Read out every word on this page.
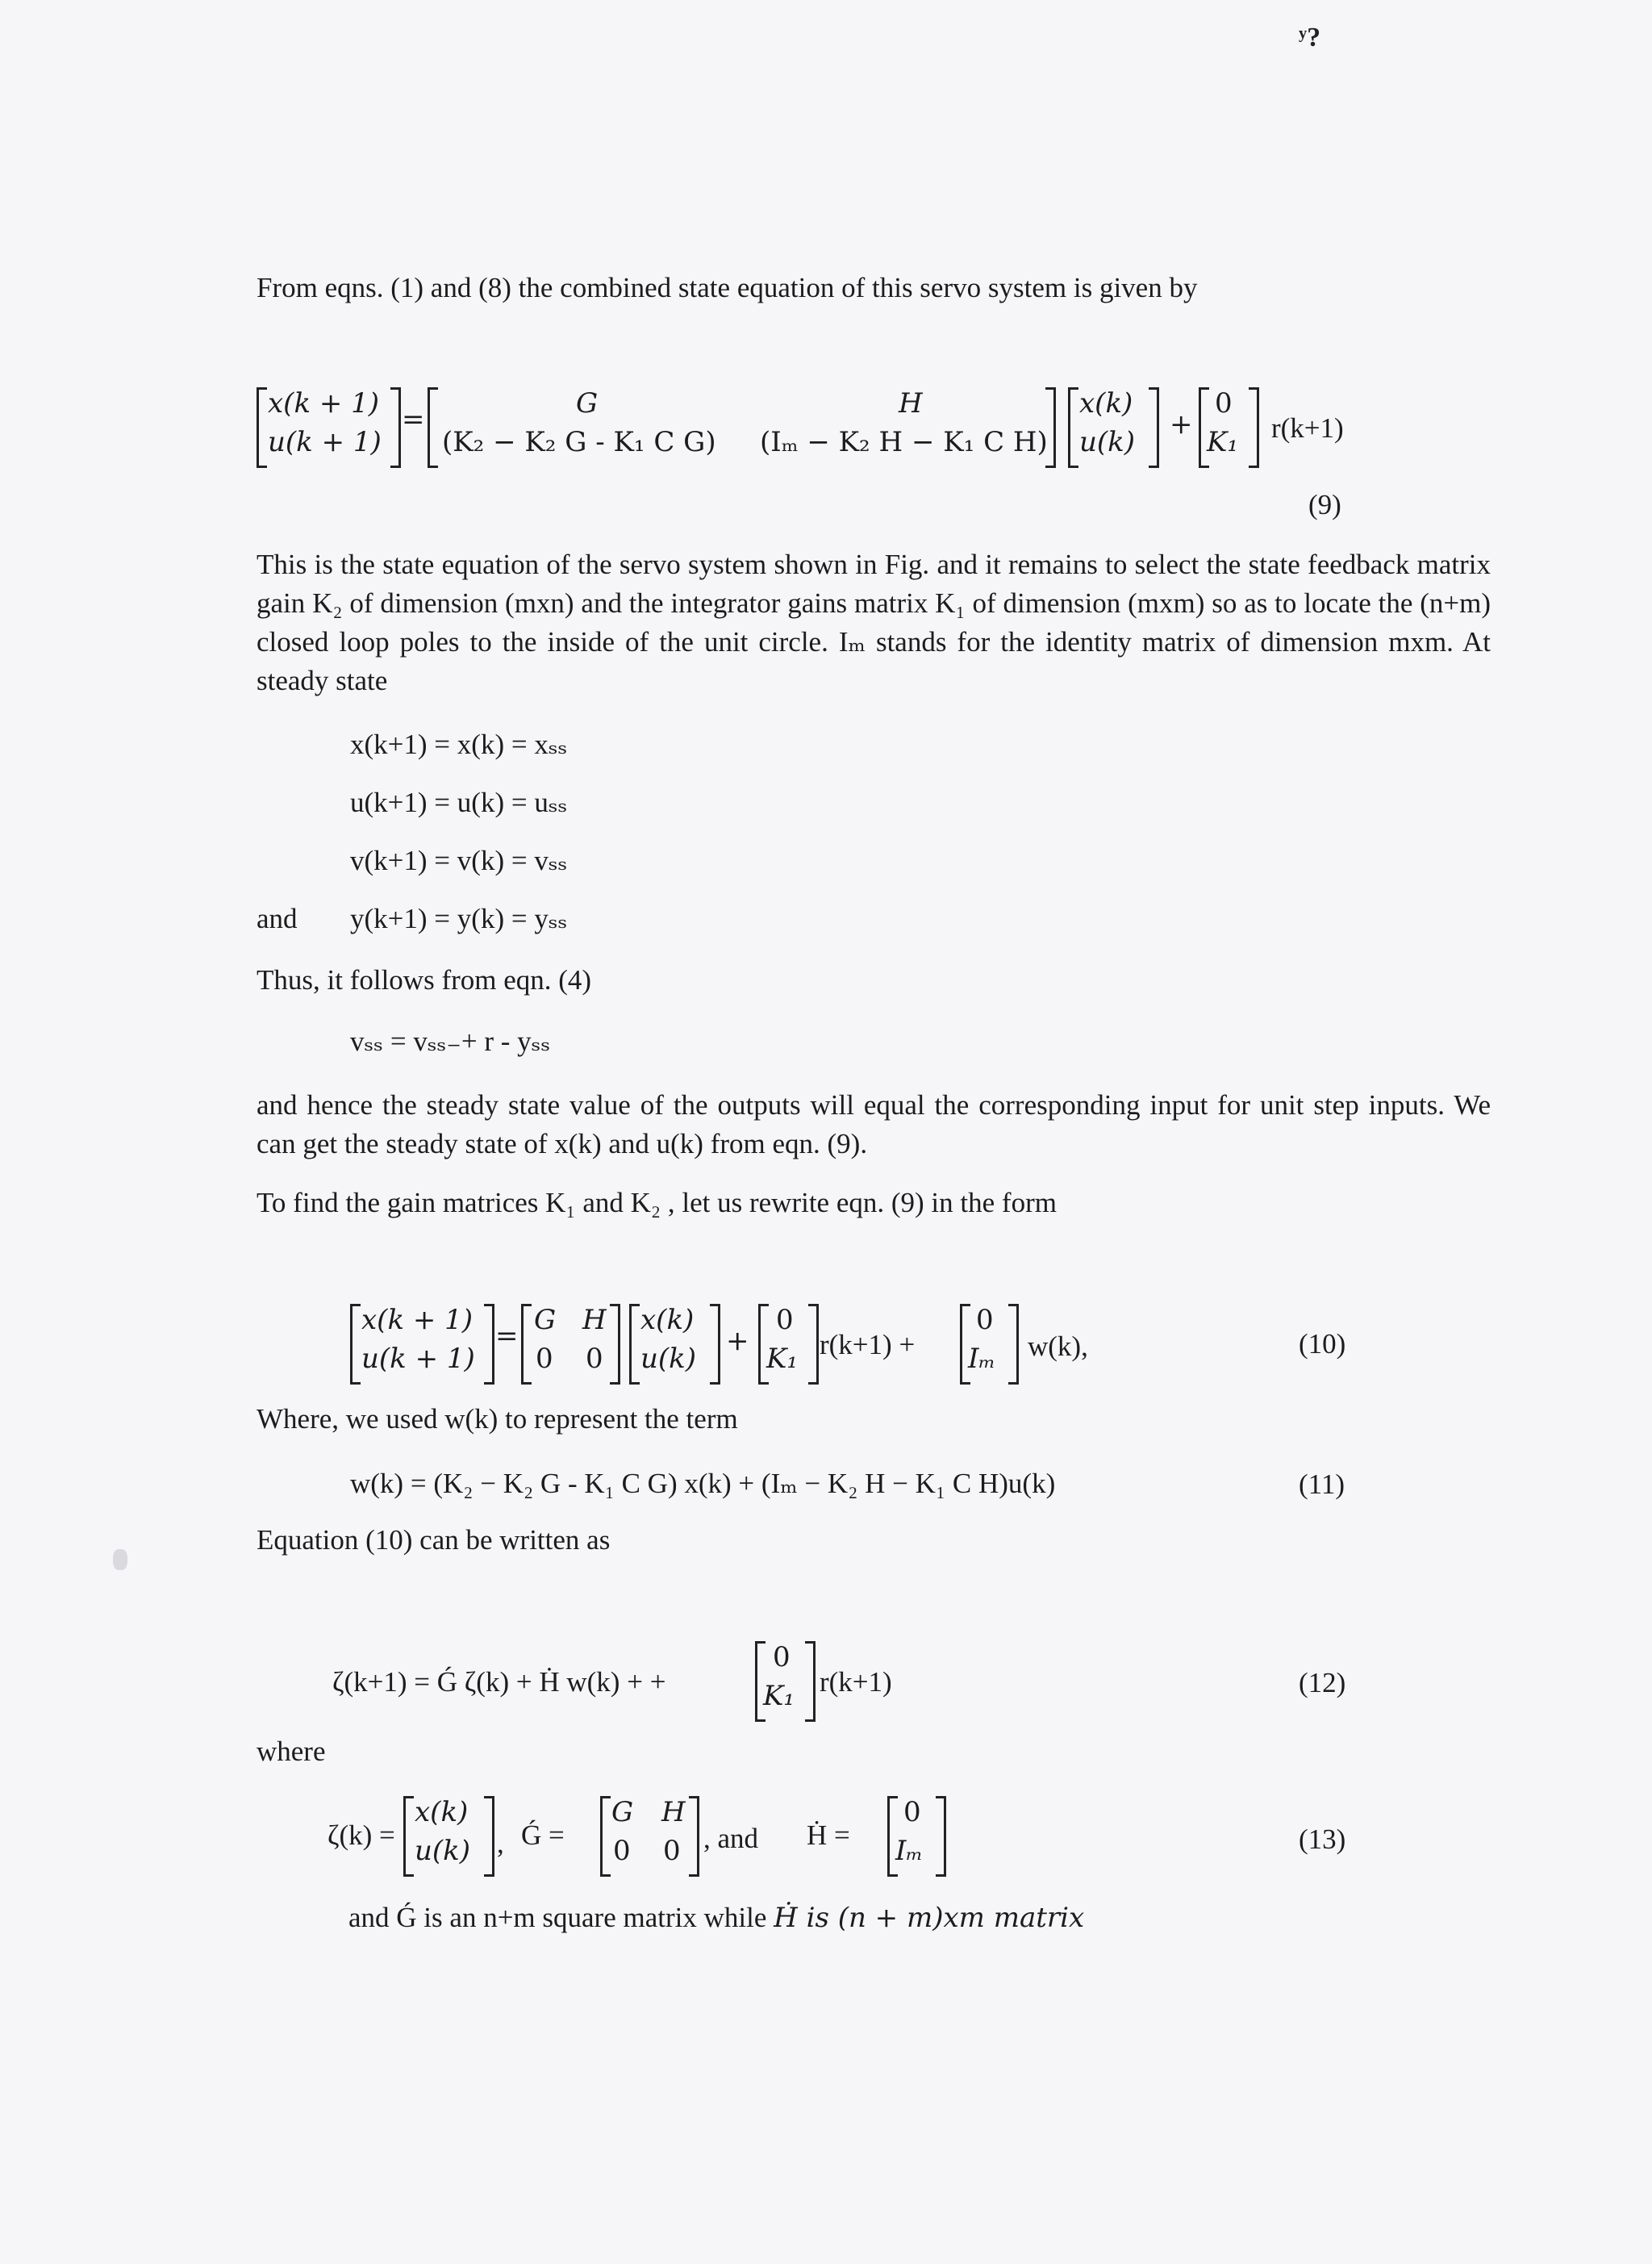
ʸ?
From eqns. (1) and (8) the combined state equation of this servo system is given by
x(k + 1)
u(k + 1)
=	G	H
(K₂ − K₂ G - K₁ C G) (Iₘ − K₂ H − K₁ C H)
x(k)
u(k)
+
0
K₁ r(k+1)
(9)
This is the state equation of the servo system shown in Fig. and it remains to select the state feedback matrix gain K₂ of dimension (mxn) and the integrator gains matrix K₁ of dimension (mxm) so as to locate the (n+m) closed loop poles to the inside of the unit circle. Iₘ stands for the identity matrix of dimension mxm. At steady state
x(k+1) = x(k) = xₛₛ
u(k+1) = u(k) = uₛₛ
v(k+1) = v(k) = vₛₛ
and y(k+1) = y(k) = yₛₛ
Thus, it follows from eqn. (4)
vₛₛ = vₛₛ₋+ r - yₛₛ
and hence the steady state value of the outputs will equal the corresponding input for unit step inputs. We can get the steady state of x(k) and u(k) from eqn. (9).
To find the gain matrices K₁ and K₂ , let us rewrite eqn. (9) in the form
x(k + 1)
u(k + 1)
= G H
0 0
x(k)
u(k)
+
0
K₁ r(k+1) +
0
Iₘ w(k),	(10)
Where, we used w(k) to represent the term
w(k) = (K₂ − K₂ G - K₁ C G) x(k) + (Iₘ − K₂ H − K₁ C H)u(k)	(11)
Equation (10) can be written as
ζ(k+1) = Ǵ ζ(k) + Ḣ w(k) + +
0
K₁ r(k+1)	(12)
where
ζ(k) =
x(k)
u(k) , Ǵ =
G H
0 0 , and Ḣ =
0
Iₘ	(13)
and Ǵ is an n+m square matrix while Ḣ is (n + m)xm matrix
